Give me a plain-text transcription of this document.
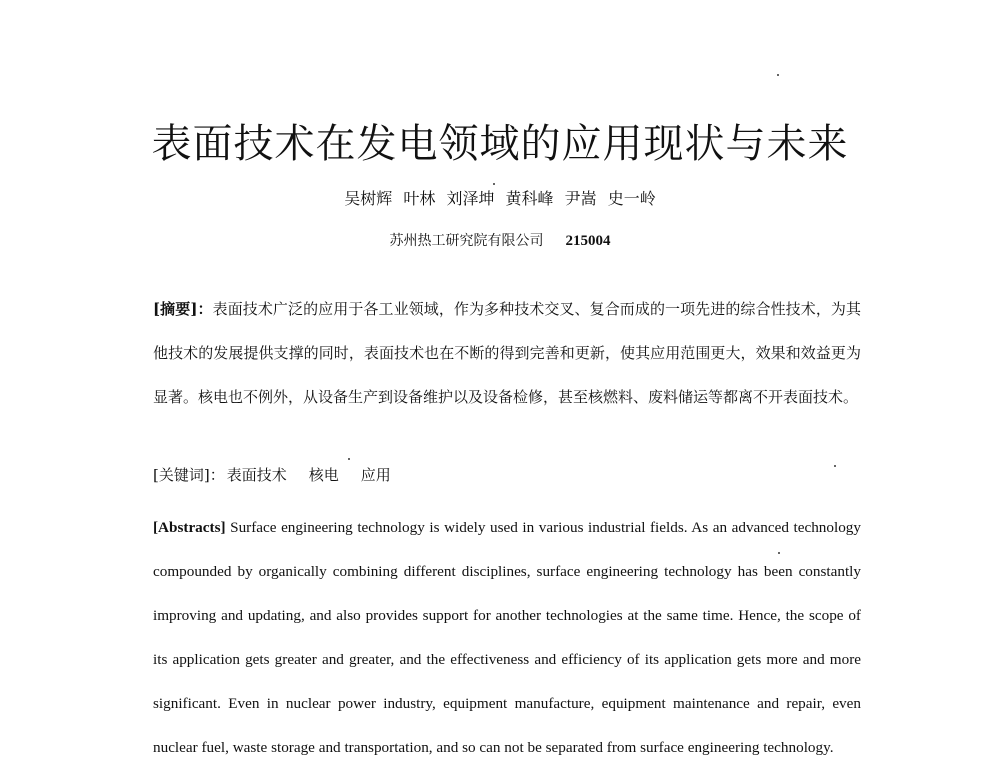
表面技术在发电领域的应用现状与未来
吴树辉 叶林 刘泽坤 黄科峰 尹嵩 史一岭
苏州热工研究院有限公司 215004
[摘要]：表面技术广泛的应用于各工业领域，作为多种技术交叉、复合而成的一项先进的综合性技术，为其他技术的发展提供支撑的同时，表面技术也在不断的得到完善和更新，使其应用范围更大，效果和效益更为显著。核电也不例外，从设备生产到设备维护以及设备检修，甚至核燃料、废料储运等都离不开表面技术。
[关键词]： 表面技术 核电 应用
[Abstracts] Surface engineering technology is widely used in various industrial fields. As an advanced technology compounded by organically combining different disciplines, surface engineering technology has been constantly improving and updating, and also provides support for another technologies at the same time. Hence, the scope of its application gets greater and greater, and the effectiveness and efficiency of its application gets more and more significant. Even in nuclear power industry, equipment manufacture, equipment maintenance and repair, even nuclear fuel, waste storage and transportation, and so can not be separated from surface engineering technology.
